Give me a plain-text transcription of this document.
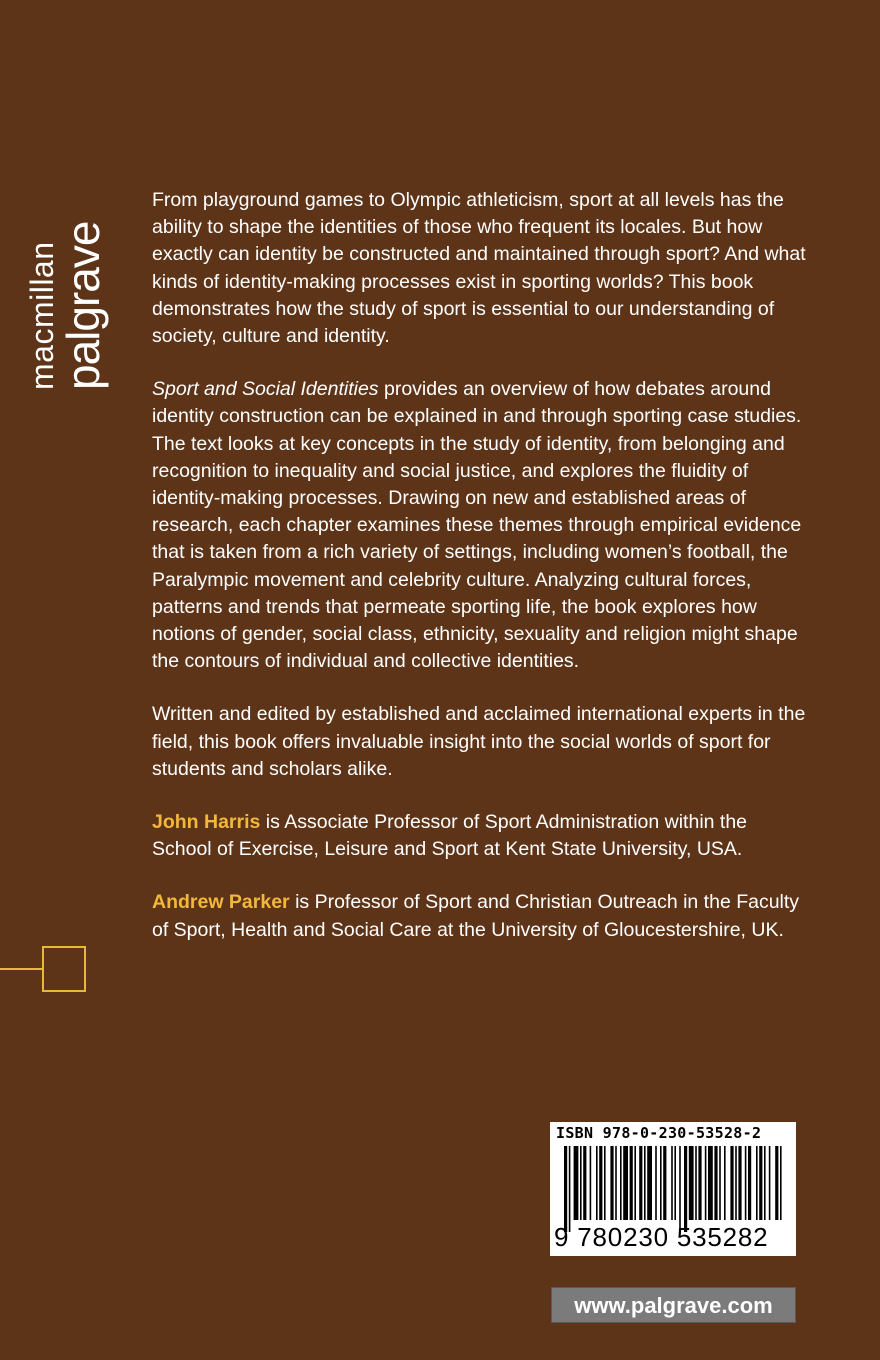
palgrave
macmillan

From playground games to Olympic athleticism, sport at all levels has the ability to shape the identities of those who frequent its locales. But how exactly can identity be constructed and maintained through sport? And what kinds of identity-making processes exist in sporting worlds? This book demonstrates how the study of sport is essential to our understanding of society, culture and identity.

Sport and Social Identities provides an overview of how debates around identity construction can be explained in and through sporting case studies. The text looks at key concepts in the study of identity, from belonging and recognition to inequality and social justice, and explores the fluidity of identity-making processes. Drawing on new and established areas of research, each chapter examines these themes through empirical evidence that is taken from a rich variety of settings, including women’s football, the Paralympic movement and celebrity culture. Analyzing cultural forces, patterns and trends that permeate sporting life, the book explores how notions of gender, social class, ethnicity, sexuality and religion might shape the contours of individual and collective identities.

Written and edited by established and acclaimed international experts in the field, this book offers invaluable insight into the social worlds of sport for students and scholars alike.

John Harris is Associate Professor of Sport Administration within the School of Exercise, Leisure and Sport at Kent State University, USA.

Andrew Parker is Professor of Sport and Christian Outreach in the Faculty of Sport, Health and Social Care at the University of Gloucestershire, UK.

ISBN 978-0-230-53528-2
9 780230 535282
www.palgrave.com
